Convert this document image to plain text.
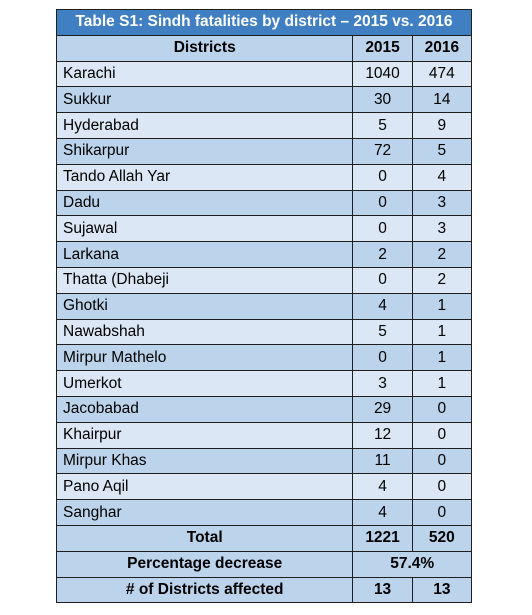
Table S1: Sindh fatalities by district – 2015 vs. 2016		
Districts	2015	2016
Karachi	1040	474
Sukkur	30	14
Hyderabad	5	9
Shikarpur	72	5
Tando Allah Yar	0	4
Dadu	0	3
Sujawal	0	3
Larkana	2	2
Thatta (Dhabeji	0	2
Ghotki	4	1
Nawabshah	5	1
Mirpur Mathelo	0	1
Umerkot	3	1
Jacobabad	29	0
Khairpur	12	0
Mirpur Khas	11	0
Pano Aqil	4	0
Sanghar	4	0
Total	1221	520
Percentage decrease	57.4%	
# of Districts affected	13	13
